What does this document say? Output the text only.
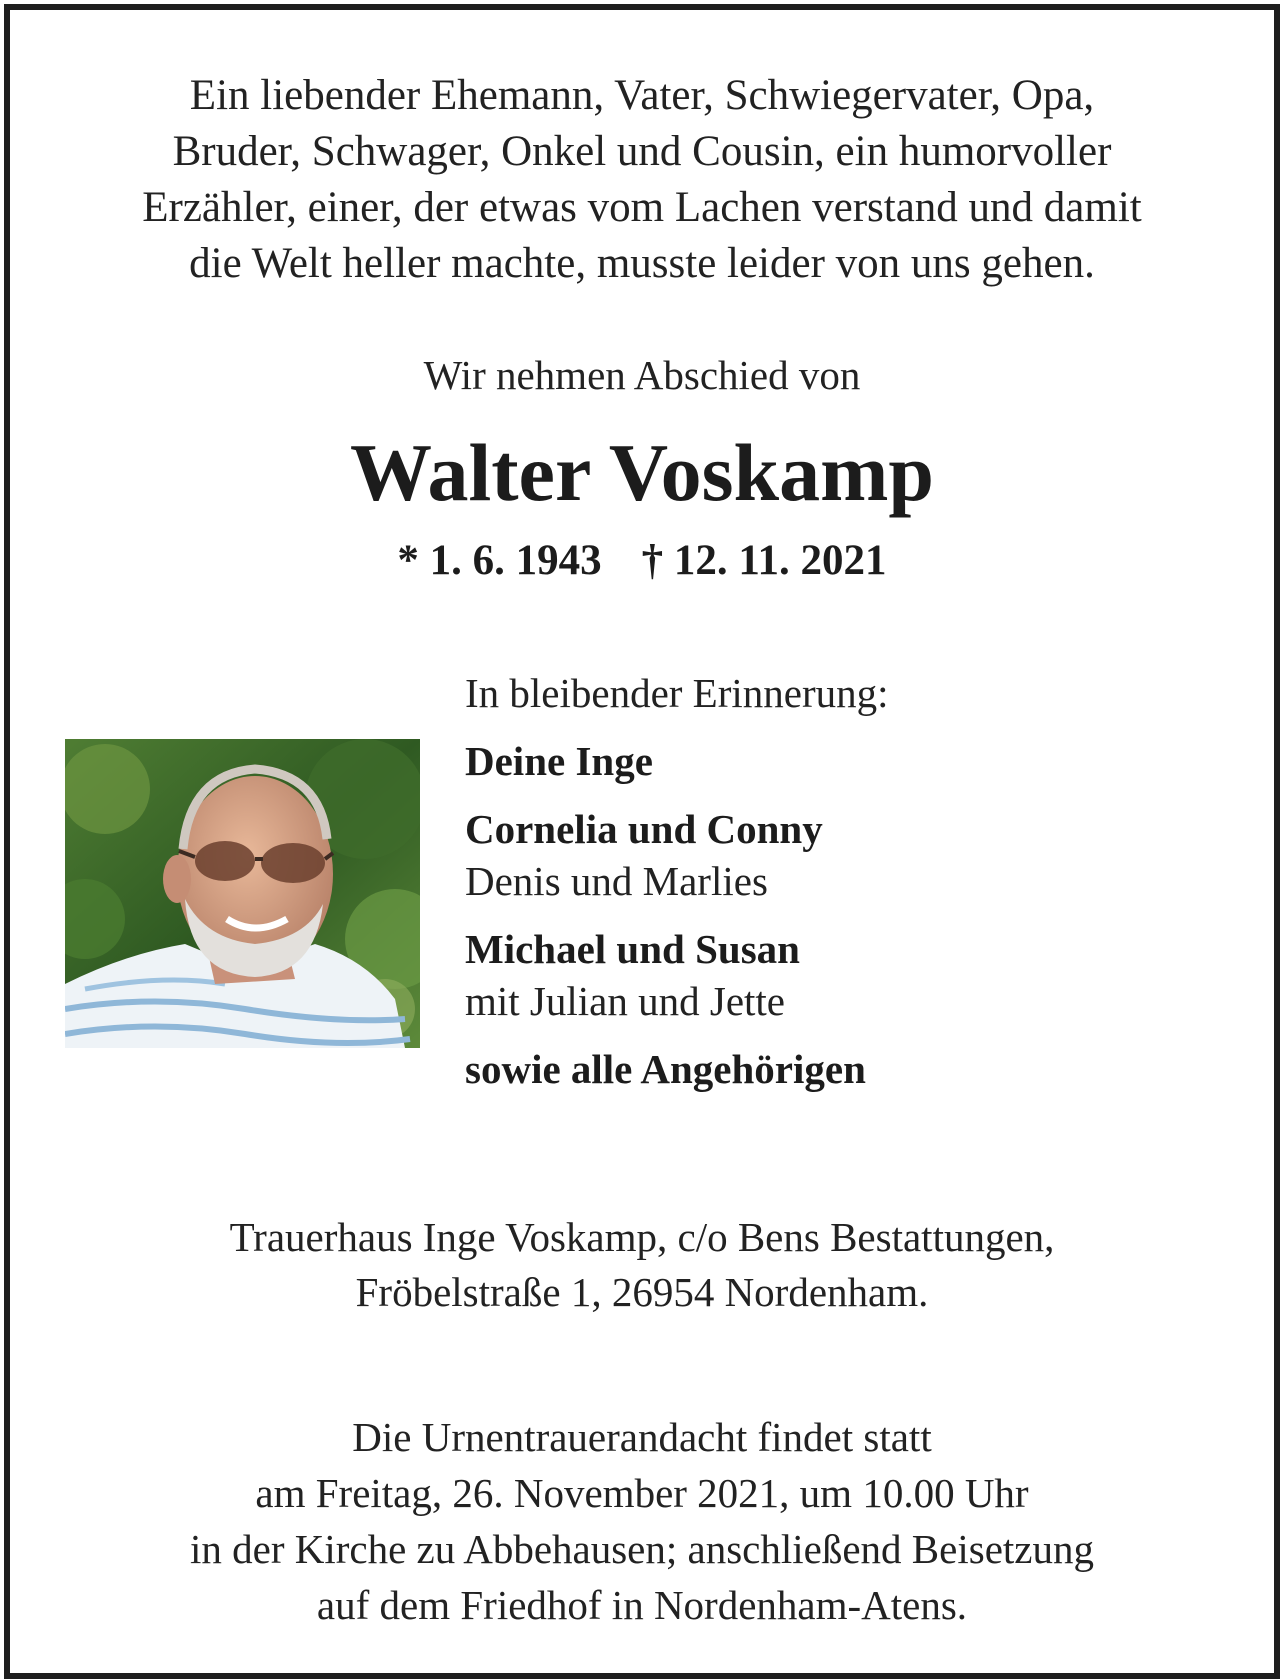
Ein liebender Ehemann, Vater, Schwiegervater, Opa,
Bruder, Schwager, Onkel und Cousin, ein humorvoller
Erzähler, einer, der etwas vom Lachen verstand und damit
die Welt heller machte, musste leider von uns gehen.
Wir nehmen Abschied von
Walter Voskamp
* 1. 6. 1943 † 12. 11. 2021
In bleibender Erinnerung:
Deine Inge
Cornelia und Conny
Denis und Marlies
Michael und Susan
mit Julian und Jette
sowie alle Angehörigen
Trauerhaus Inge Voskamp, c/o Bens Bestattungen,
Fröbelstraße 1, 26954 Nordenham.
Die Urnentrauerandacht findet statt
am Freitag, 26. November 2021, um 10.00 Uhr
in der Kirche zu Abbehausen; anschließend Beisetzung
auf dem Friedhof in Nordenham-Atens.
